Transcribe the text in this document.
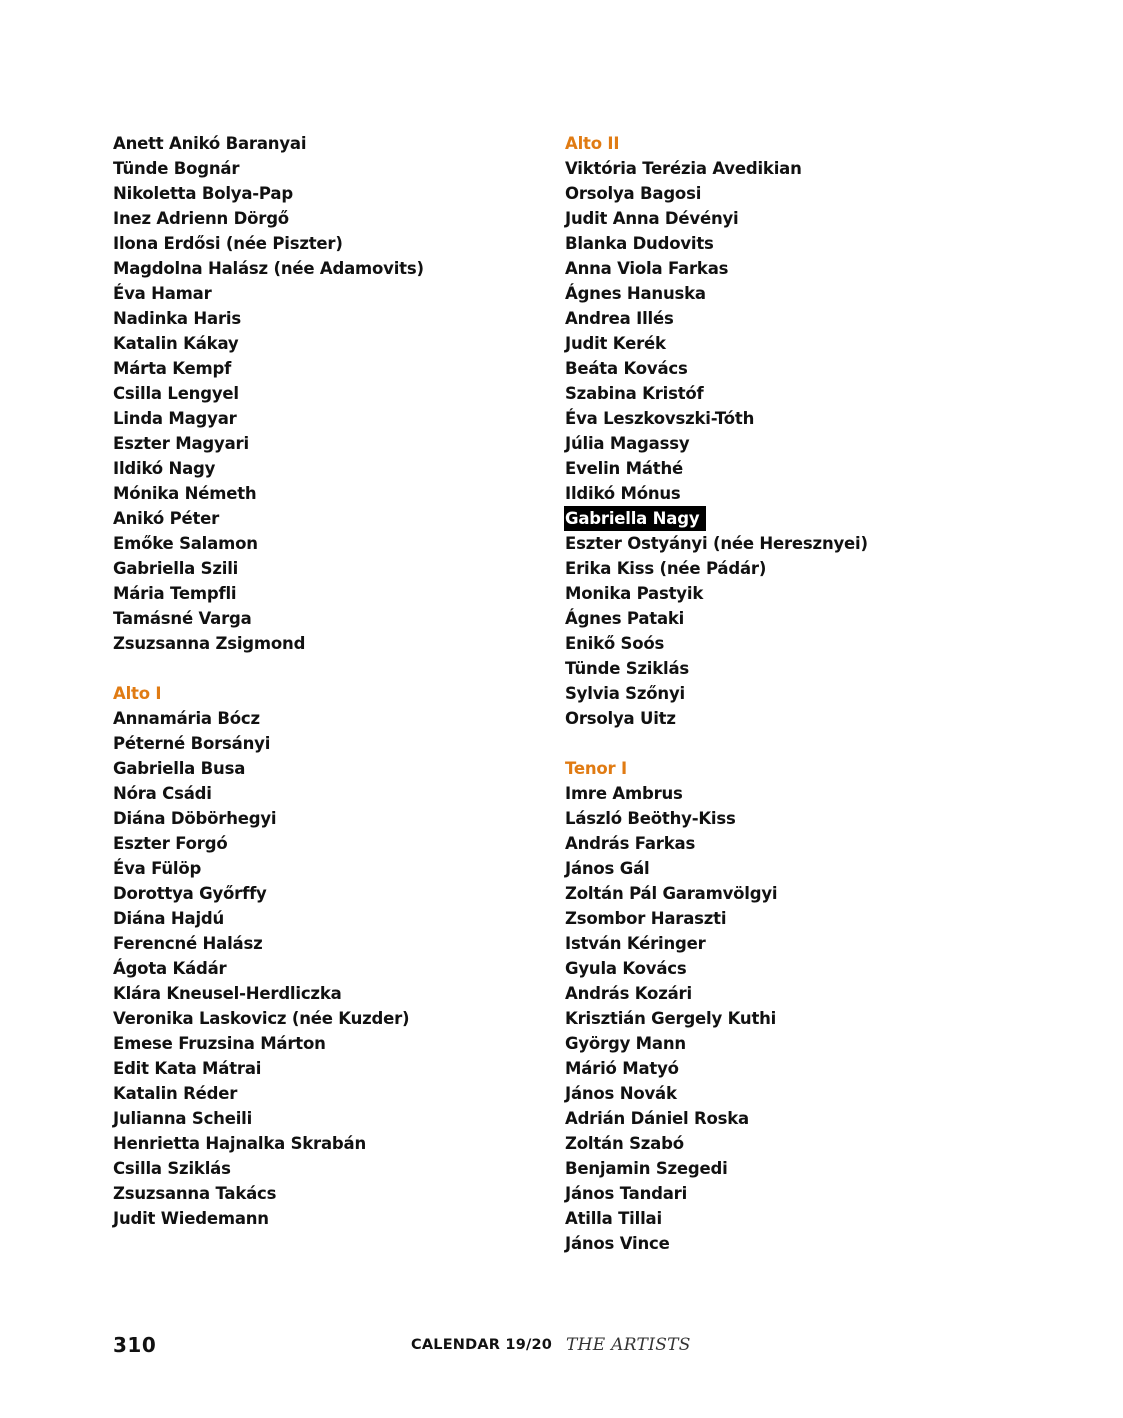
Anett Anikó Baranyai
Tünde Bognár
Nikoletta Bolya-Pap
Inez Adrienn Dörgő
Ilona Erdősi (née Piszter)
Magdolna Halász (née Adamovits)
Éva Hamar
Nadinka Haris
Katalin Kákay
Márta Kempf
Csilla Lengyel
Linda Magyar
Eszter Magyari
Ildikó Nagy
Mónika Németh
Anikó Péter
Emőke Salamon
Gabriella Szili
Mária Tempfli
Tamásné Varga
Zsuzsanna Zsigmond
Alto I
Annamária Bócz
Péterné Borsányi
Gabriella Busa
Nóra Csádi
Diána Döbörhegyi
Eszter Forgó
Éva Fülöp
Dorottya Győrffy
Diána Hajdú
Ferencné Halász
Ágota Kádár
Klára Kneusel-Herdliczka
Veronika Laskovicz (née Kuzder)
Emese Fruzsina Márton
Edit Kata Mátrai
Katalin Réder
Julianna Scheili
Henrietta Hajnalka Skrabán
Csilla Sziklás
Zsuzsanna Takács
Judit Wiedemann
Alto II
Viktória Terézia Avedikian
Orsolya Bagosi
Judit Anna Dévényi
Blanka Dudovits
Anna Viola Farkas
Ágnes Hanuska
Andrea Illés
Judit Kerék
Beáta Kovács
Szabina Kristóf
Éva Leszkovszki-Tóth
Júlia Magassy
Evelin Máthé
Ildikó Mónus
Gabriella Nagy
Eszter Ostyányi (née Heresznyei)
Erika Kiss (née Pádár)
Monika Pastyik
Ágnes Pataki
Enikő Soós
Tünde Sziklás
Sylvia Szőnyi
Orsolya Uitz
Tenor I
Imre Ambrus
László Beöthy-Kiss
András Farkas
János Gál
Zoltán Pál Garamvölgyi
Zsombor Haraszti
István Kéringer
Gyula Kovács
András Kozári
Krisztián Gergely Kuthi
György Mann
Márió Matyó
János Novák
Adrián Dániel Roska
Zoltán Szabó
Benjamin Szegedi
János Tandari
Atilla Tillai
János Vince
310	CALENDAR 19/20 THE ARTISTS
